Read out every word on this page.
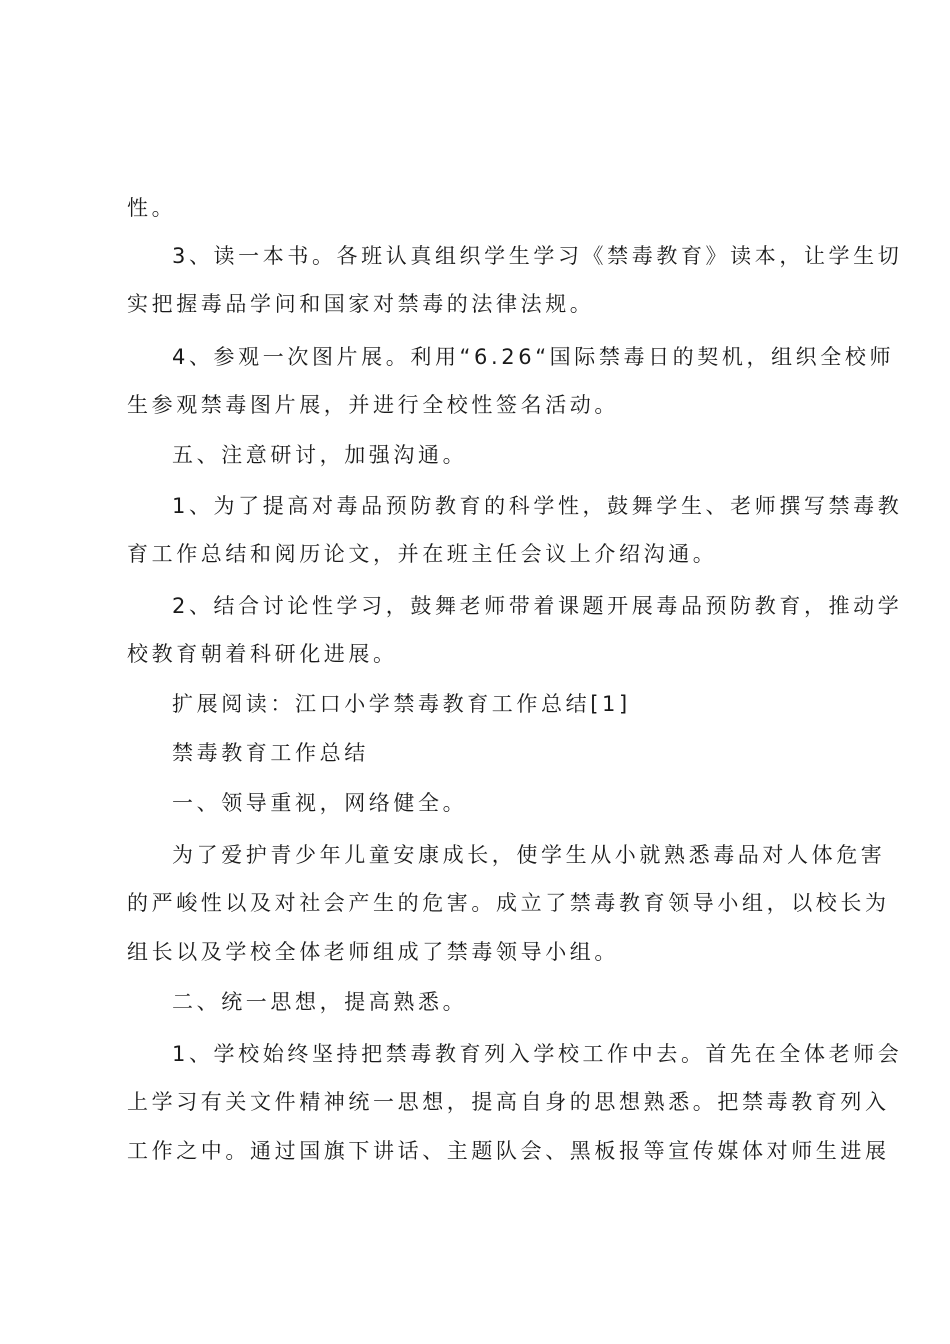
性。
3、读一本书。各班认真组织学生学习《禁毒教育》读本，让学生切
实把握毒品学问和国家对禁毒的法律法规。
4、参观一次图片展。利用“6.26“国际禁毒日的契机，组织全校师
生参观禁毒图片展，并进行全校性签名活动。
五、注意研讨，加强沟通。
1、为了提高对毒品预防教育的科学性，鼓舞学生、老师撰写禁毒教
育工作总结和阅历论文，并在班主任会议上介绍沟通。
2、结合讨论性学习，鼓舞老师带着课题开展毒品预防教育，推动学
校教育朝着科研化进展。
扩展阅读：江口小学禁毒教育工作总结[1]
禁毒教育工作总结
一、领导重视，网络健全。
为了爱护青少年儿童安康成长，使学生从小就熟悉毒品对人体危害
的严峻性以及对社会产生的危害。成立了禁毒教育领导小组，以校长为
组长以及学校全体老师组成了禁毒领导小组。
二、统一思想，提高熟悉。
1、学校始终坚持把禁毒教育列入学校工作中去。首先在全体老师会
上学习有关文件精神统一思想，提高自身的思想熟悉。把禁毒教育列入
工作之中。通过国旗下讲话、主题队会、黑板报等宣传媒体对师生进展
